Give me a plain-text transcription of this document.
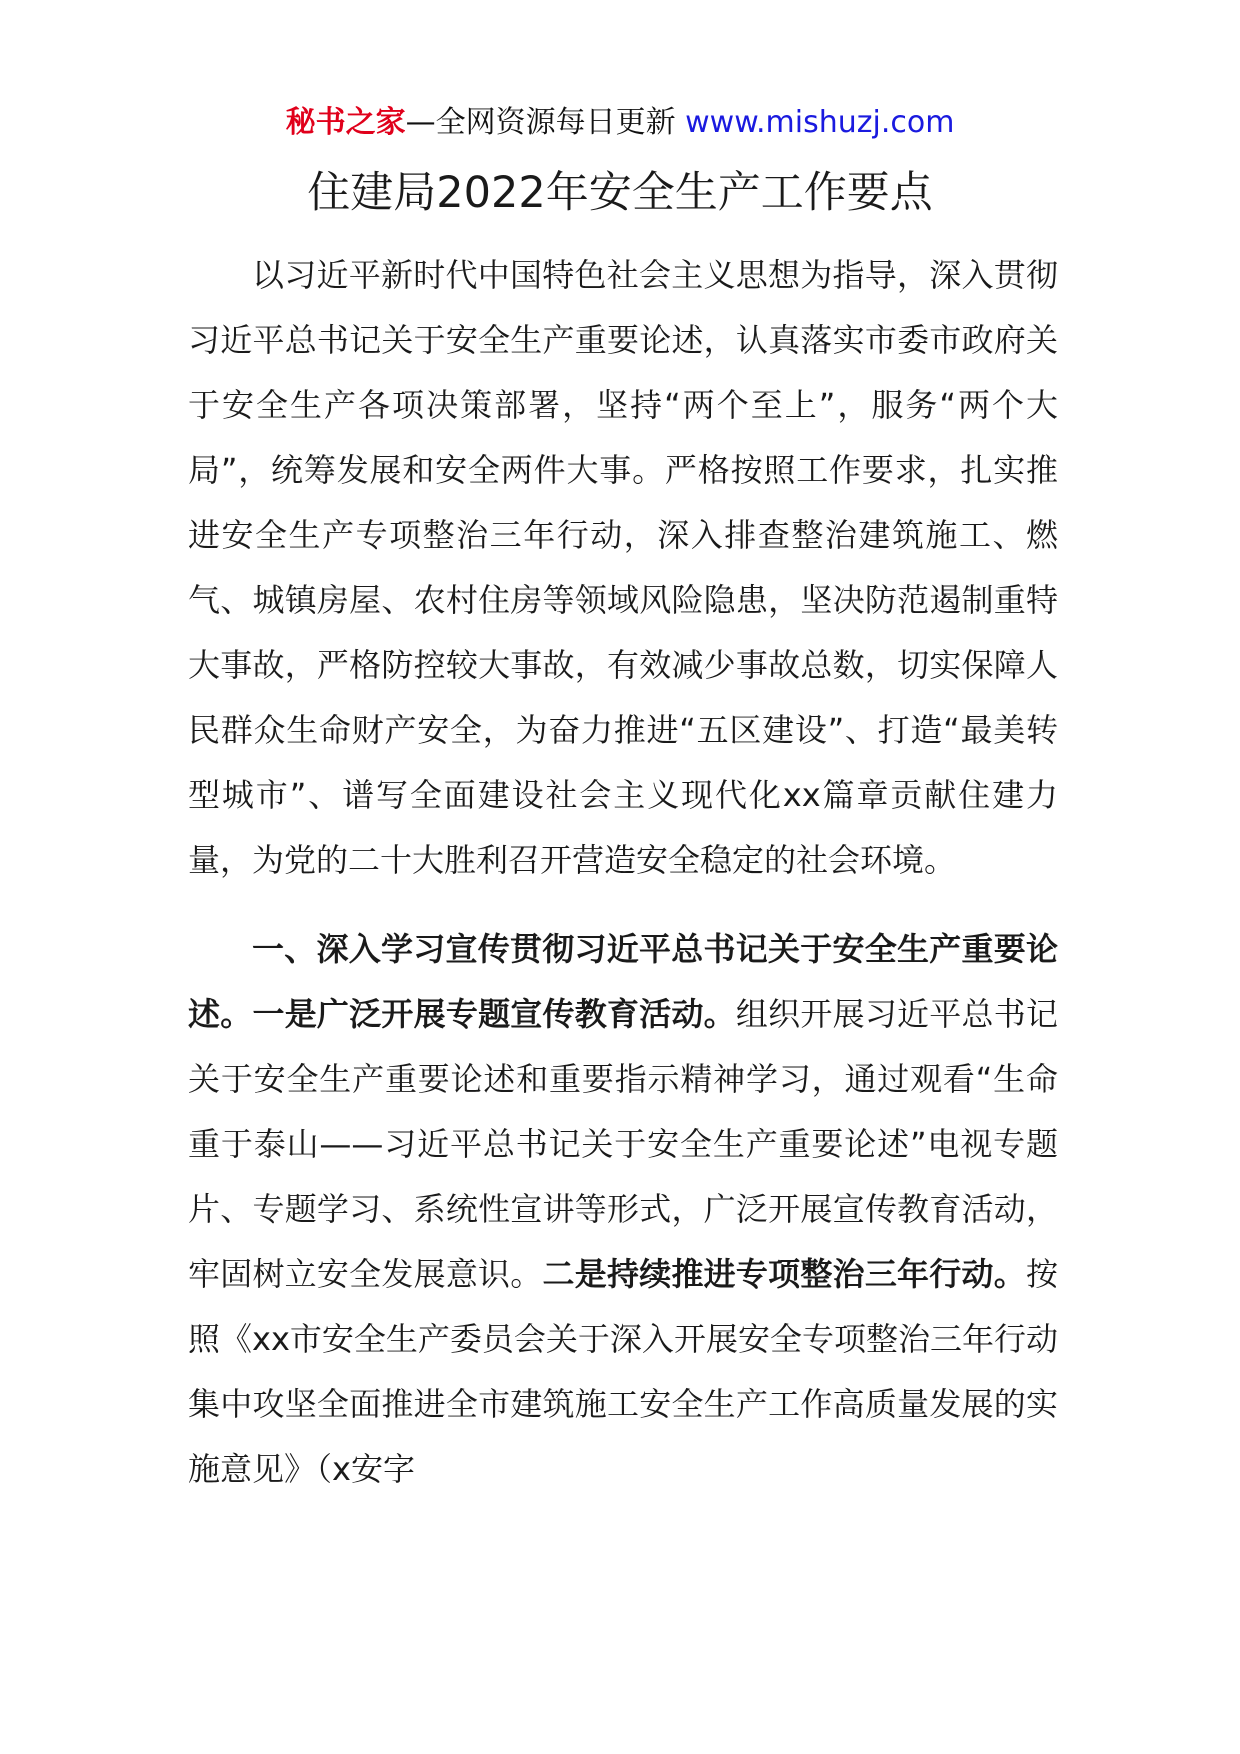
秘书之家—全网资源每日更新 www.mishuzj.com
住建局2022年安全生产工作要点

以习近平新时代中国特色社会主义思想为指导，深入贯彻习近平总书记关于安全生产重要论述，认真落实市委市政府关于安全生产各项决策部署，坚持“两个至上”，服务“两个大局”，统筹发展和安全两件大事。严格按照工作要求，扎实推进安全生产专项整治三年行动，深入排查整治建筑施工、燃气、城镇房屋、农村住房等领域风险隐患，坚决防范遏制重特大事故，严格防控较大事故，有效减少事故总数，切实保障人民群众生命财产安全，为奋力推进“五区建设”、打造“最美转型城市”、谱写全面建设社会主义现代化xx篇章贡献住建力量，为党的二十大胜利召开营造安全稳定的社会环境。

一、深入学习宣传贯彻习近平总书记关于安全生产重要论述。一是广泛开展专题宣传教育活动。组织开展习近平总书记关于安全生产重要论述和重要指示精神学习，通过观看“生命重于泰山——习近平总书记关于安全生产重要论述”电视专题片、专题学习、系统性宣讲等形式，广泛开展宣传教育活动，牢固树立安全发展意识。二是持续推进专项整治三年行动。按照《xx市安全生产委员会关于深入开展安全专项整治三年行动集中攻坚全面推进全市建筑施工安全生产工作高质量发展的实施意见》（x安字
